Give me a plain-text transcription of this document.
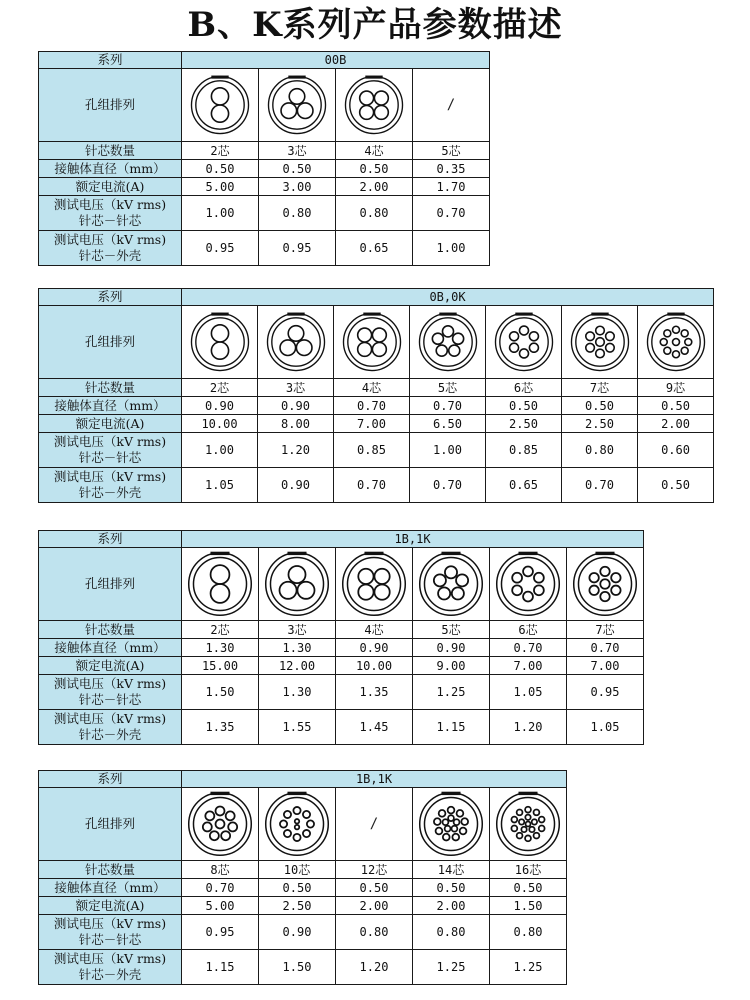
B、K系列产品参数描述
系列	00B			
孔组排列				/
针芯数量	2芯	3芯	4芯	5芯
接触体直径（mm）	0.50	0.50	0.50	0.35
额定电流(A)	5.00	3.00	2.00	1.70

测试电压（kV rms)
针芯－针芯	1.00	0.80	0.80	0.70

测试电压（kV rms)
针芯－外壳	0.95	0.95	0.65	1.00
系列	0B,0K						
孔组排列	

针芯数量	2芯	3芯	4芯	5芯	6芯	7芯	9芯
接触体直径（mm）	0.90	0.90	0.70	0.70	0.50	0.50	0.50
额定电流(A)	10.00	8.00	7.00	6.50	2.50	2.50	2.00

测试电压（kV rms)
针芯－针芯	1.00	1.20	0.85	1.00	0.85	0.80	0.60

测试电压（kV rms)
针芯－外壳	1.05	0.90	0.70	0.70	0.65	0.70	0.50
系列	1B,1K					
孔组排列	

针芯数量	2芯	3芯	4芯	5芯	6芯	7芯
接触体直径（mm）	1.30	1.30	0.90	0.90	0.70	0.70
额定电流(A)	15.00	12.00	10.00	9.00	7.00	7.00

测试电压（kV rms)
针芯－针芯	1.50	1.30	1.35	1.25	1.05	0.95

测试电压（kV rms)
针芯－外壳	1.35	1.55	1.45	1.15	1.20	1.05
系列	1B,1K				
孔组排列			/	

针芯数量	8芯	10芯	12芯	14芯	16芯
接触体直径（mm）	0.70	0.50	0.50	0.50	0.50
额定电流(A)	5.00	2.50	2.00	2.00	1.50

测试电压（kV rms)
针芯－针芯	0.95	0.90	0.80	0.80	0.80

测试电压（kV rms)
针芯－外壳	1.15	1.50	1.20	1.25	1.25
